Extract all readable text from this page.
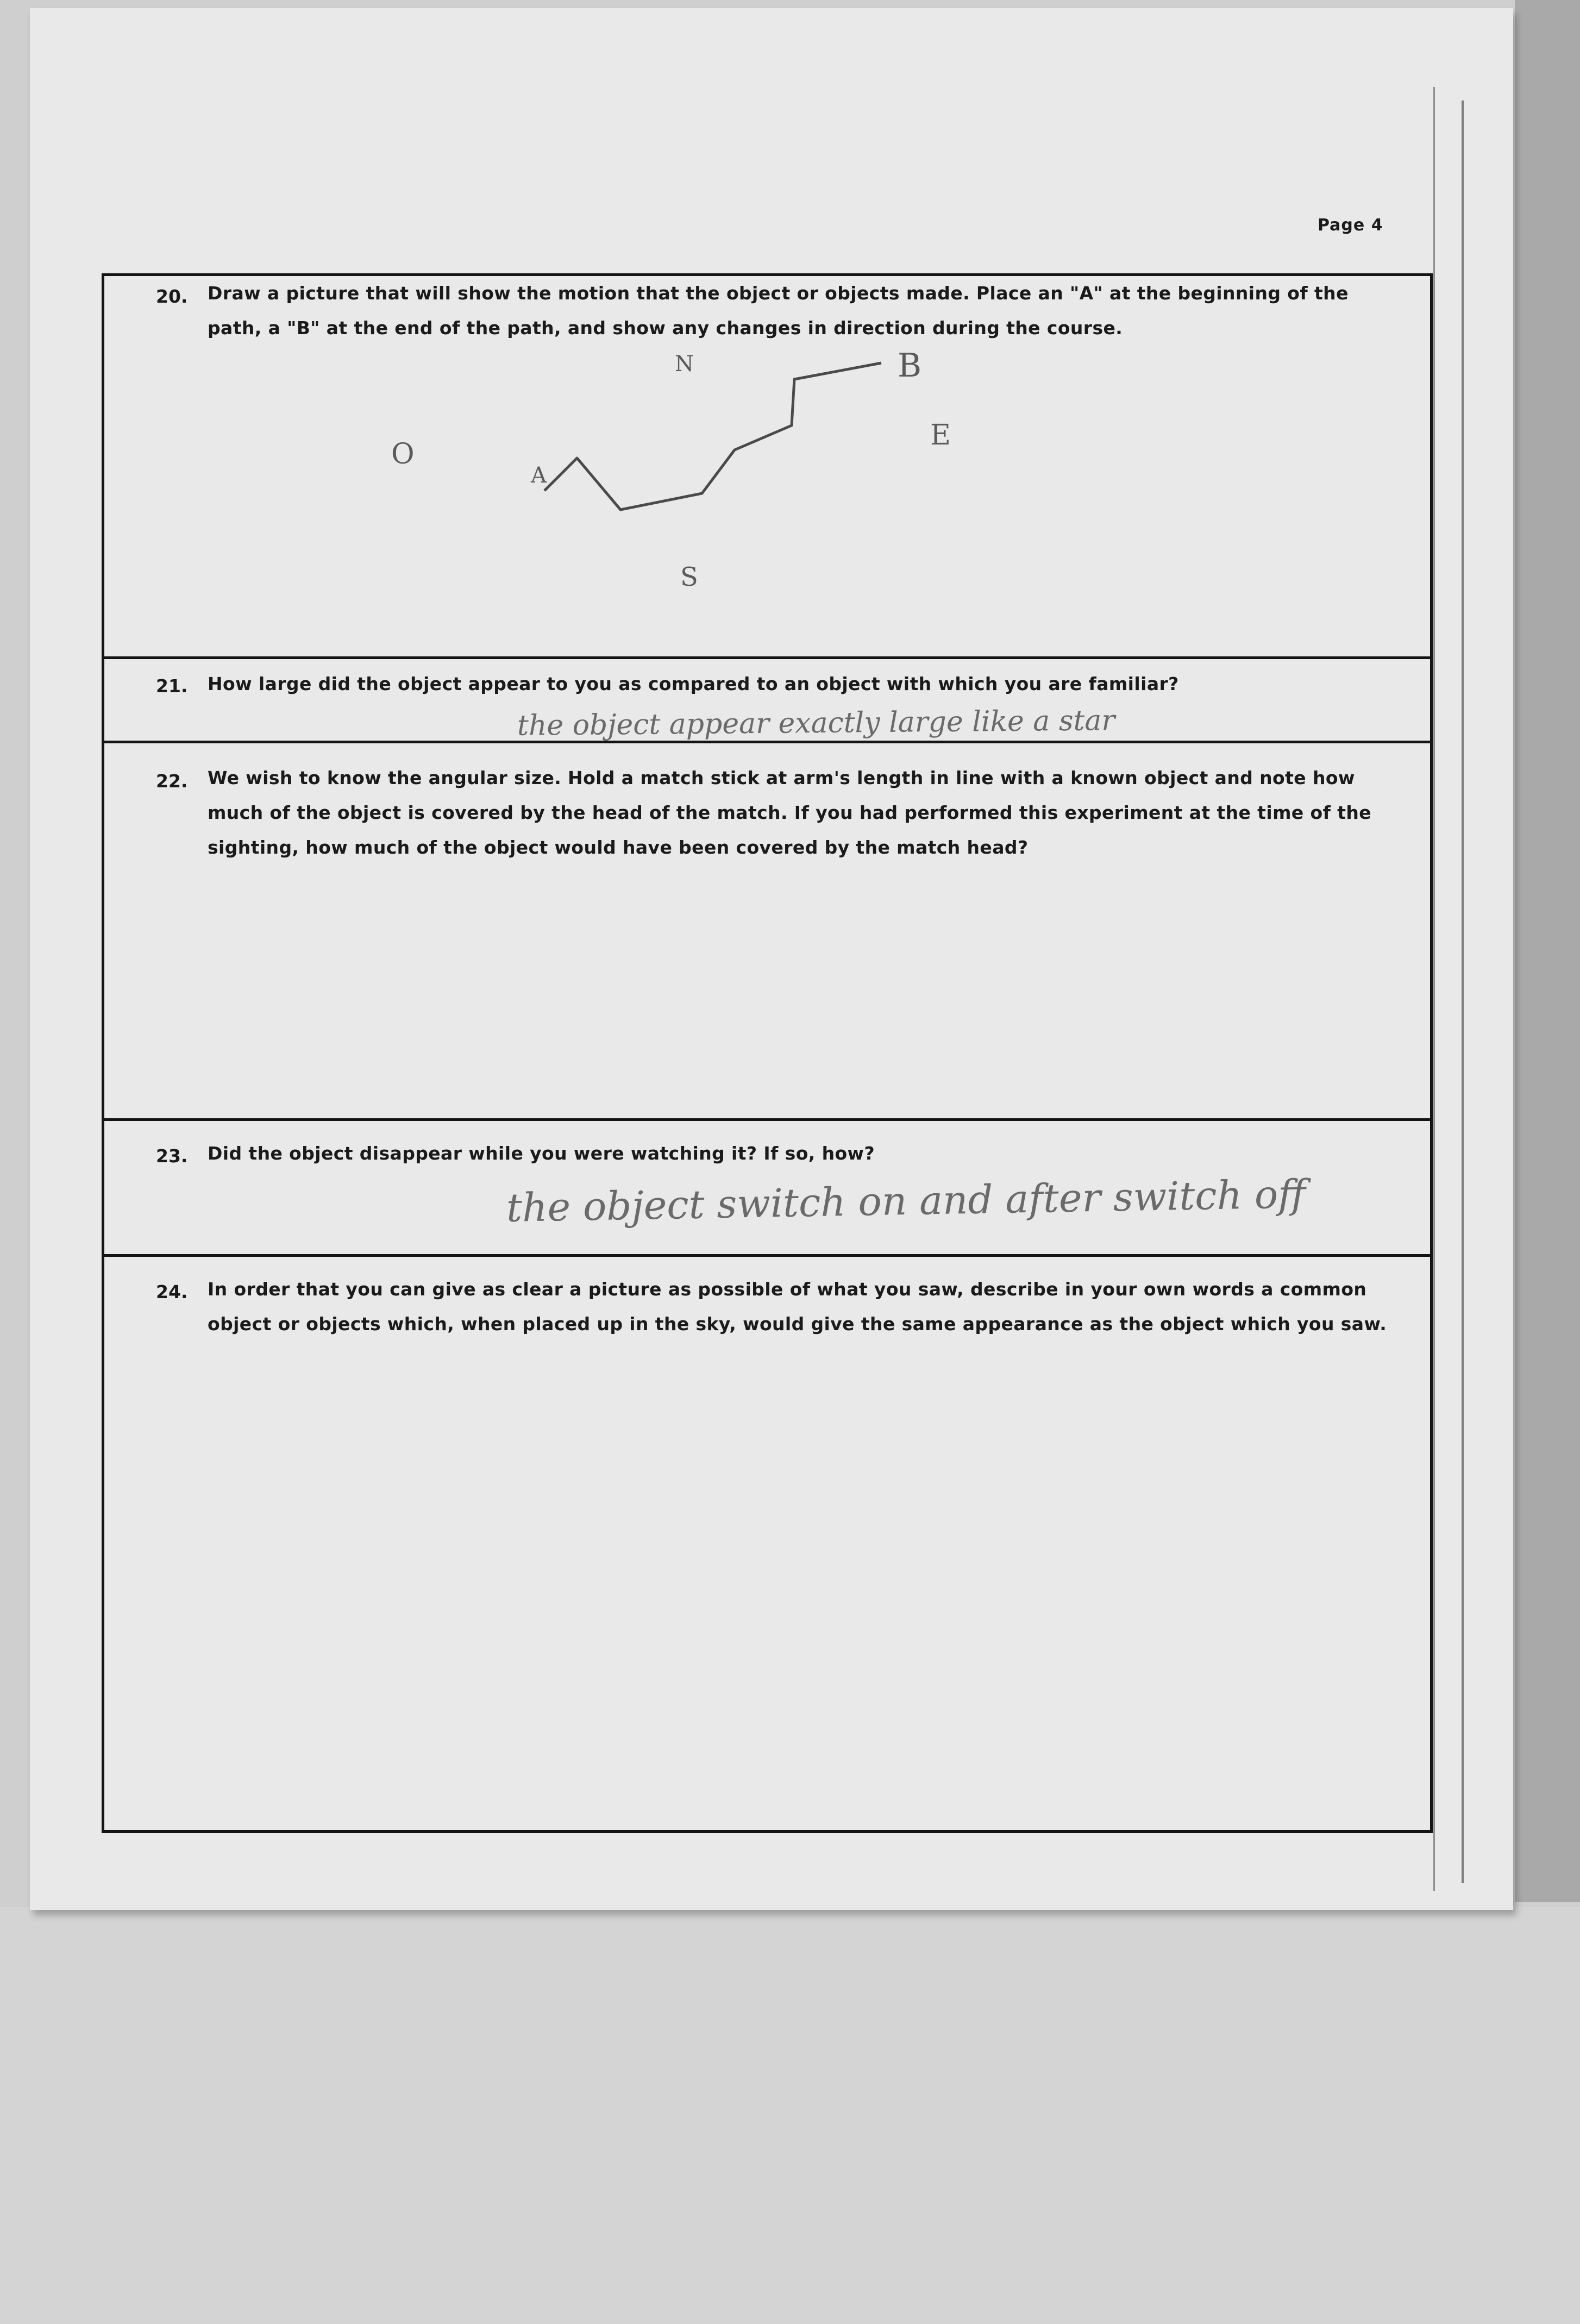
Page 4
20. Draw a picture that will show the motion that the object or objects made. Place an "A" at the beginning of the path, a "B" at the end of the path, and show any changes in direction during the course.
A
B
N
S
E
O
21. How large did the object appear to you as compared to an object with which you are familiar?
the object appear exactly large like a star
22. We wish to know the angular size. Hold a match stick at arm's length in line with a known object and note how much of the object is covered by the head of the match. If you had performed this experiment at the time of the sighting, how much of the object would have been covered by the match head?
23. Did the object disappear while you were watching it? If so, how?
the object switch on and after switch off
24. In order that you can give as clear a picture as possible of what you saw, describe in your own words a common object or objects which, when placed up in the sky, would give the same appearance as the object which you saw.
